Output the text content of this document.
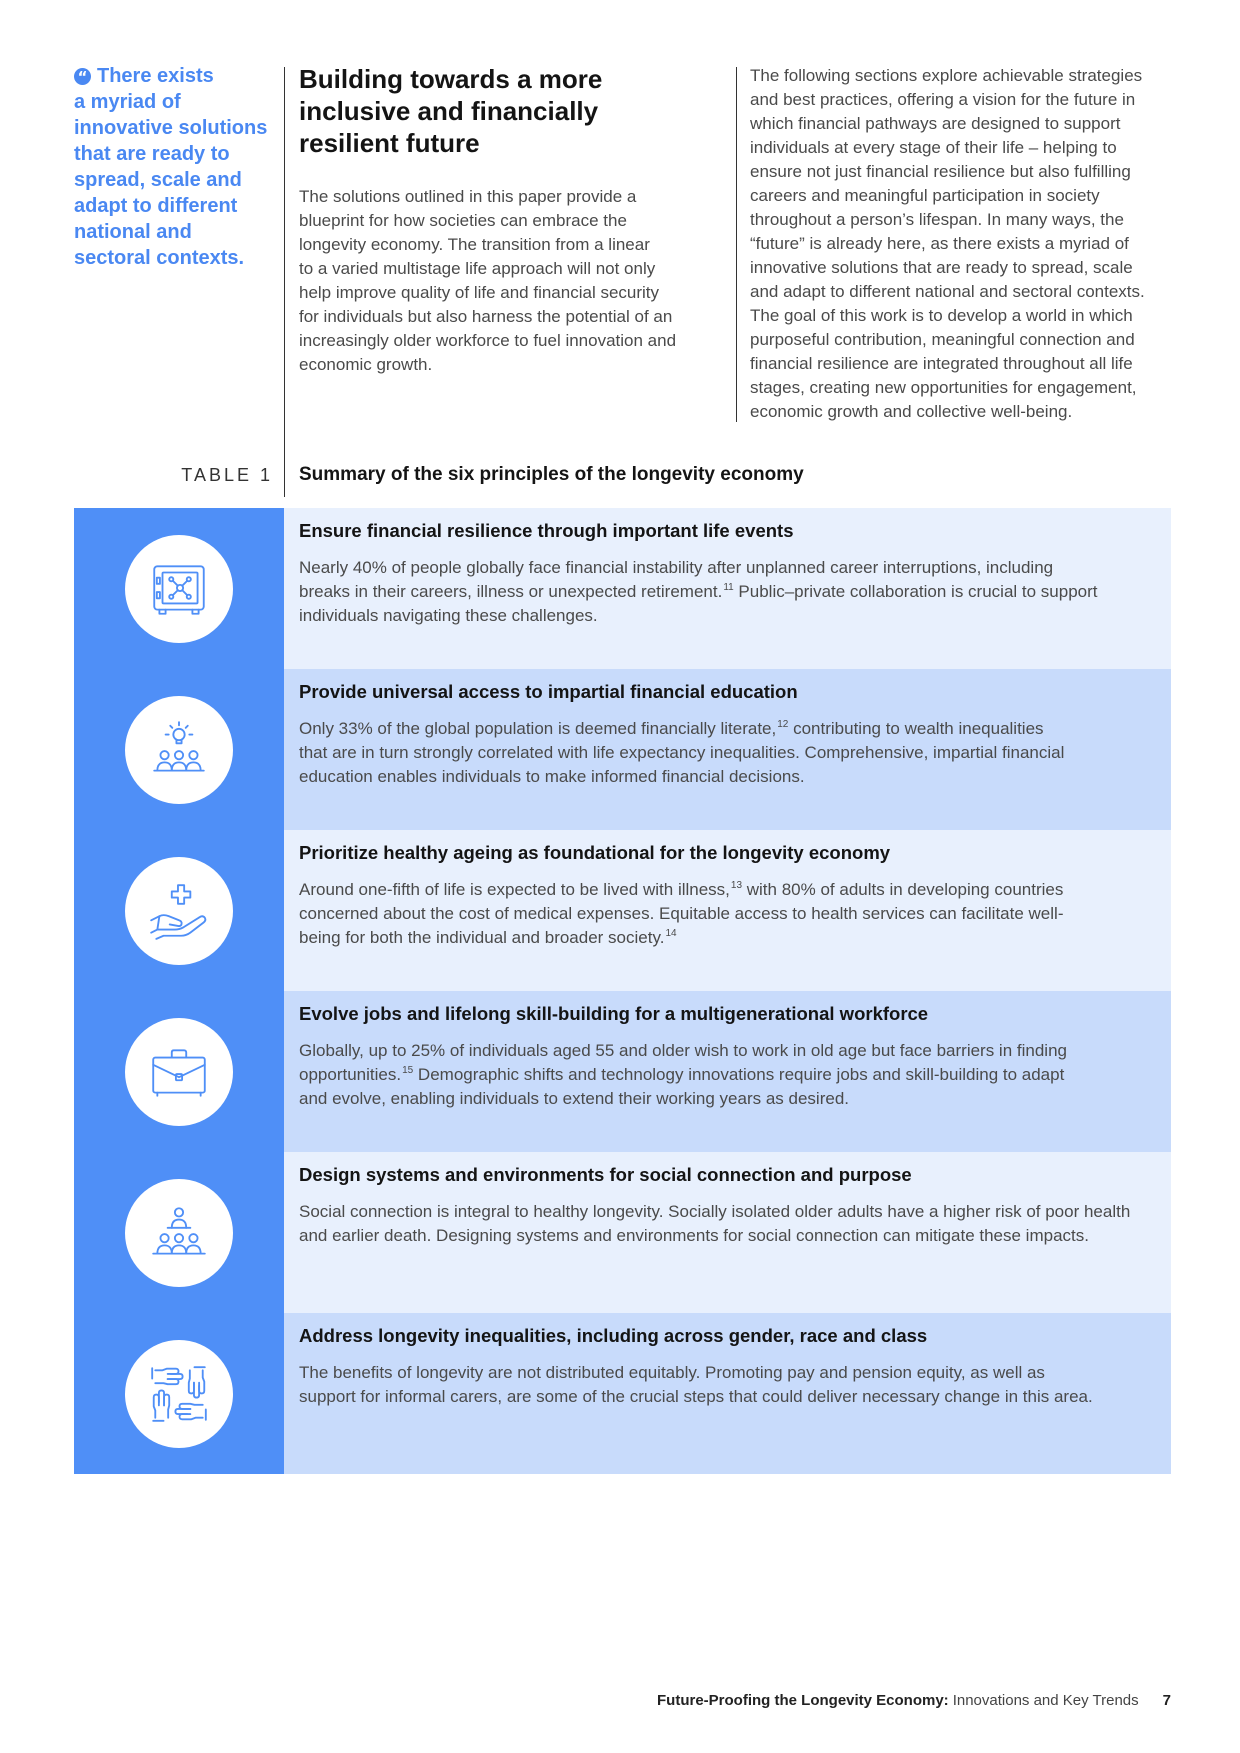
“
There exists
a myriad of
innovative solutions
that are ready to
spread, scale and
adapt to different
national and
sectoral contexts.
Building towards a more
inclusive and financially
resilient future
The solutions outlined in this paper provide a
blueprint for how societies can embrace the
longevity economy. The transition from a linear
to a varied multistage life approach will not only
help improve quality of life and financial security
for individuals but also harness the potential of an
increasingly older workforce to fuel innovation and
economic growth.
The following sections explore achievable strategies
and best practices, offering a vision for the future in
which financial pathways are designed to support
individuals at every stage of their life – helping to
ensure not just financial resilience but also fulfilling
careers and meaningful participation in society
throughout a person’s lifespan. In many ways, the
“future” is already here, as there exists a myriad of
innovative solutions that are ready to spread, scale
and adapt to different national and sectoral contexts.
The goal of this work is to develop a world in which
purposeful contribution, meaningful connection and
financial resilience are integrated throughout all life
stages, creating new opportunities for engagement,
economic growth and collective well-being.
TABLE 1 Summary of the six principles of the longevity economy
Ensure financial resilience through important life events
Nearly 40% of people globally face financial instability after unplanned career interruptions, including
breaks in their careers, illness or unexpected retirement.$^{11}$ Public–private collaboration is crucial to support
individuals navigating these challenges.
Provide universal access to impartial financial education
Only 33% of the global population is deemed financially literate,$^{12}$ contributing to wealth inequalities
that are in turn strongly correlated with life expectancy inequalities. Comprehensive, impartial financial
education enables individuals to make informed financial decisions.
Prioritize healthy ageing as foundational for the longevity economy
Around one-fifth of life is expected to be lived with illness,$^{13}$ with 80% of adults in developing countries
concerned about the cost of medical expenses. Equitable access to health services can facilitate well-
being for both the individual and broader society.$^{14}$
Evolve jobs and lifelong skill-building for a multigenerational workforce
Globally, up to 25% of individuals aged 55 and older wish to work in old age but face barriers in finding
opportunities.$^{15}$ Demographic shifts and technology innovations require jobs and skill-building to adapt
and evolve, enabling individuals to extend their working years as desired.
Design systems and environments for social connection and purpose
Social connection is integral to healthy longevity. Socially isolated older adults have a higher risk of poor health
and earlier death. Designing systems and environments for social connection can mitigate these impacts.
Address longevity inequalities, including across gender, race and class
The benefits of longevity are not distributed equitably. Promoting pay and pension equity, as well as
support for informal carers, are some of the crucial steps that could deliver necessary change in this area.
Future-Proofing the Longevity Economy: Innovations and Key Trends 7
